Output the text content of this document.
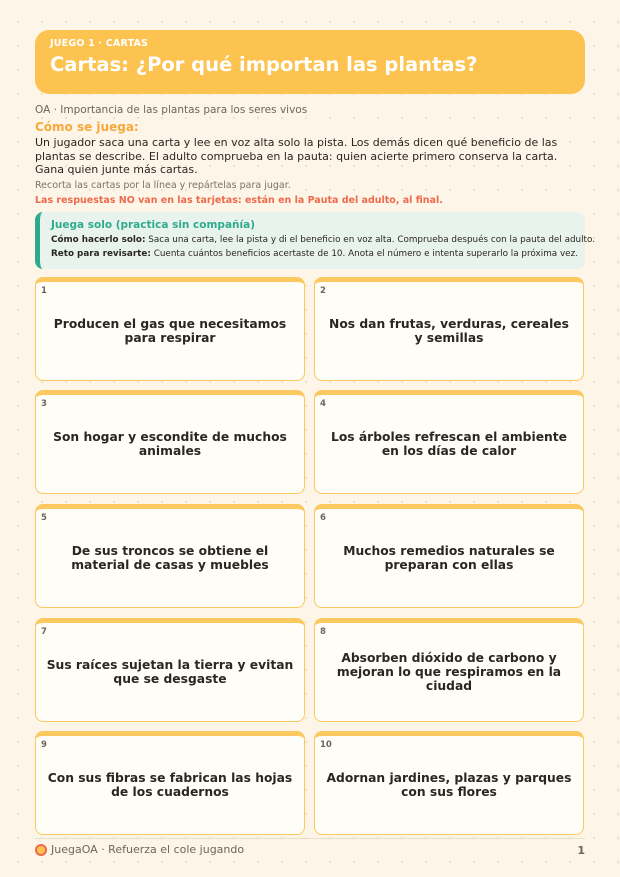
JUEGO 1 · CARTAS
Cartas: ¿Por qué importan las plantas?
OA · Importancia de las plantas para los seres vivos
Cómo se juega:
Un jugador saca una carta y lee en voz alta solo la pista. Los demás dicen qué beneficio de las plantas se describe. El adulto comprueba en la pauta: quien acierte primero conserva la carta. Gana quien junte más cartas.
Recorta las cartas por la línea y repártelas para jugar.
Las respuestas NO van en las tarjetas: están en la Pauta del adulto, al final.
Juega solo (practica sin compañía)
Cómo hacerlo solo: Saca una carta, lee la pista y di el beneficio en voz alta. Comprueba después con la pauta del adulto.
Reto para revisarte: Cuenta cuántos beneficios acertaste de 10. Anota el número e intenta superarlo la próxima vez.
1
Producen el gas que necesitamos para respirar
2
Nos dan frutas, verduras, cereales y semillas
3
Son hogar y escondite de muchos animales
4
Los árboles refrescan el ambiente en los días de calor
5
De sus troncos se obtiene el material de casas y muebles
6
Muchos remedios naturales se preparan con ellas
7
Sus raíces sujetan la tierra y evitan que se desgaste
8
Absorben dióxido de carbono y mejoran lo que respiramos en la ciudad
9
Con sus fibras se fabrican las hojas de los cuadernos
10
Adornan jardines, plazas y parques con sus flores
JuegaOA · Refuerza el cole jugando	1
